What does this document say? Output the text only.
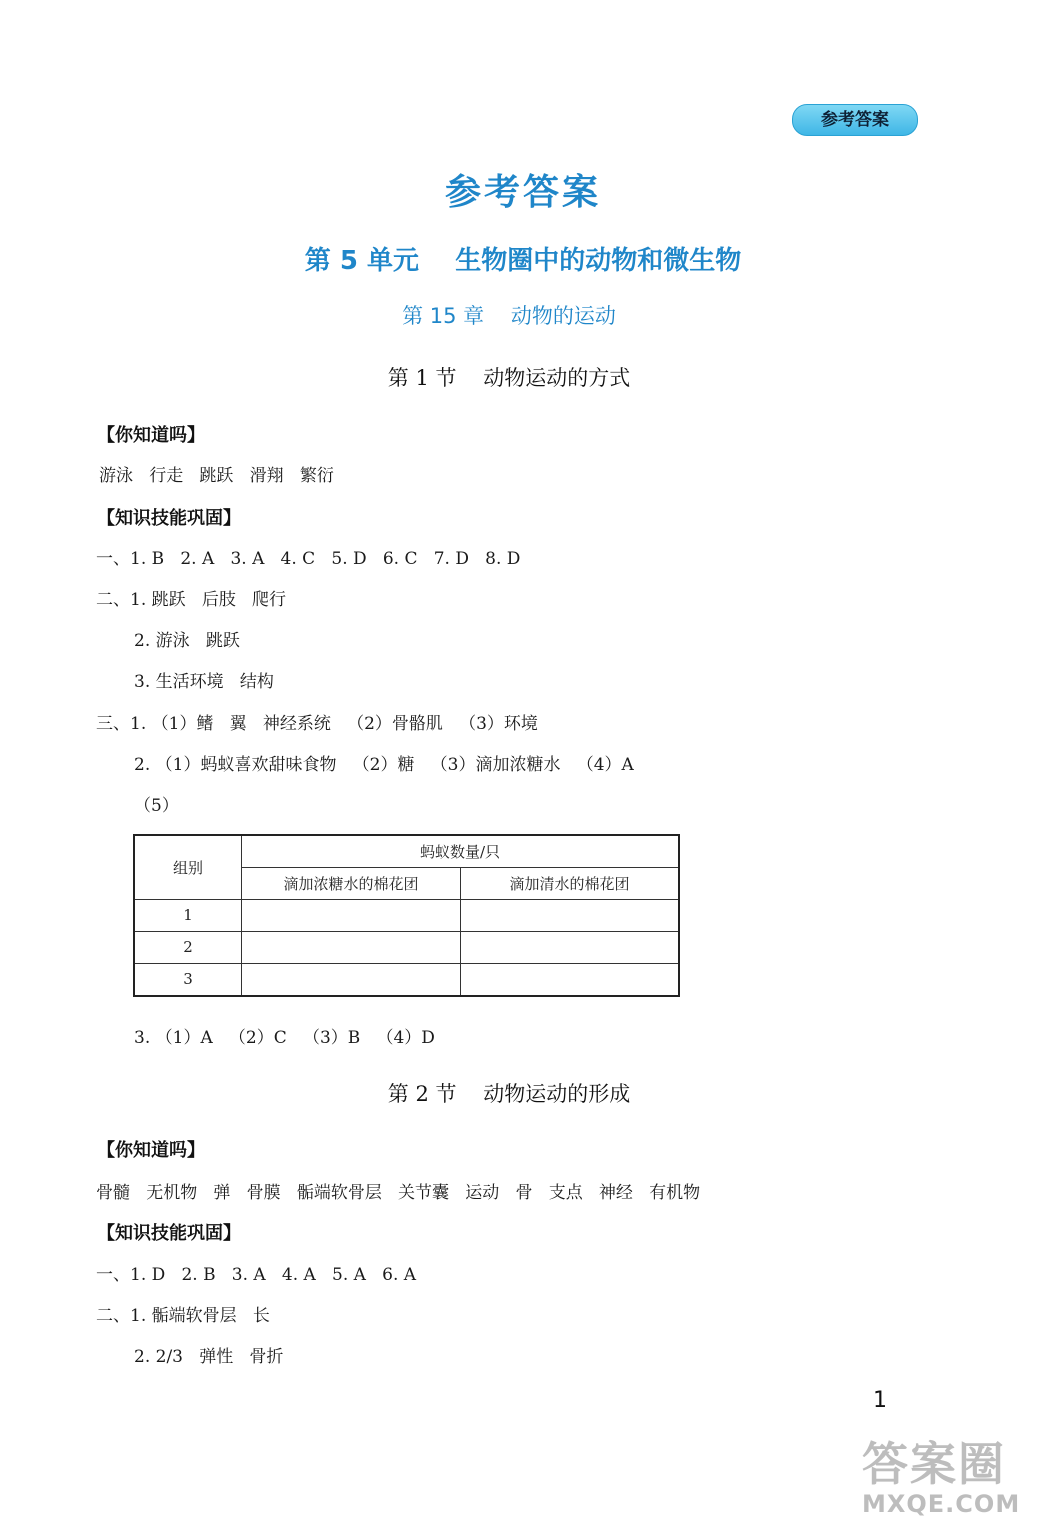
参考答案
参考答案
第 5 单元    生物圈中的动物和微生物
第 15 章    动物的运动
第 1 节    动物运动的方式
【你知道吗】
游泳   行走   跳跃   滑翔   繁衍
【知识技能巩固】
一、1. B   2. A   3. A   4. C   5. D   6. C   7. D   8. D
二、1. 跳跃   后肢   爬行
2. 游泳   跳跃
3. 生活环境   结构
三、1. （1）鳍   翼   神经系统   （2）骨骼肌   （3）环境
2. （1）蚂蚁喜欢甜味食物   （2）糖   （3）滴加浓糖水   （4）A
（5）
组别	蚂蚁数量/只	
	滴加浓糖水的棉花团	滴加清水的棉花团
1		
2		
3		
3. （1）A   （2）C   （3）B   （4）D
第 2 节    动物运动的形成
【你知道吗】
骨髓   无机物   弹   骨膜   骺端软骨层   关节囊   运动   骨   支点   神经   有机物
【知识技能巩固】
一、1. D   2. B   3. A   4. A   5. A   6. A
二、1. 骺端软骨层   长
2. 2/3   弹性   骨折
1
答案圈
MXQE.COM
